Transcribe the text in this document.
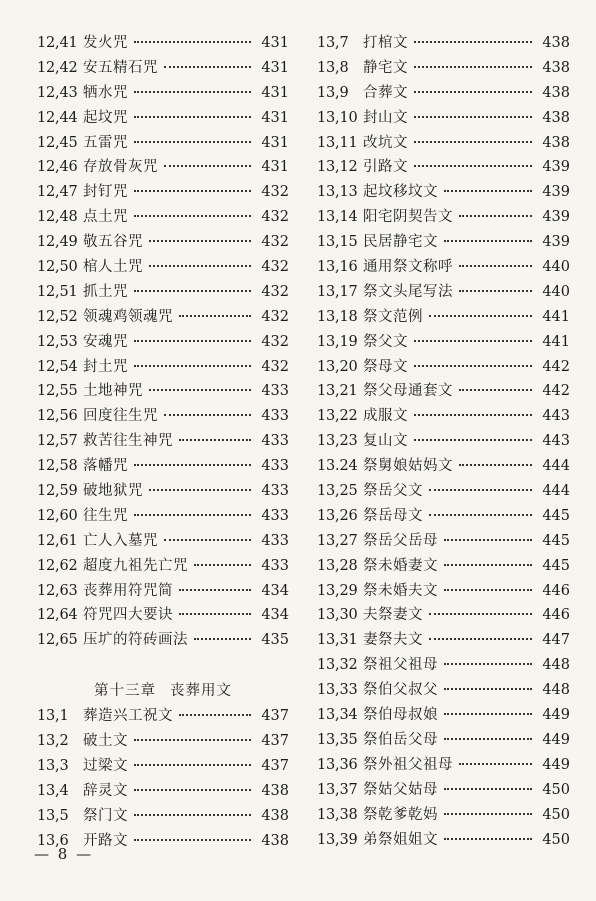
12,41 发火咒	431
12,42 安五精石咒	431
12,43 牺水咒	431
12,44 起坟咒	431
12,45 五雷咒	431
12,46 存放骨灰咒	431
12,47 封钉咒	432
12,48 点土咒	432
12,49 敬五谷咒	432
12,50 棺人土咒	432
12,51 抓土咒	432
12,52 领魂鸡领魂咒	432
12,53 安魂咒	432
12,54 封土咒	432
12,55 土地神咒	433
12,56 回度往生咒	433
12,57 救苦往生神咒	433
12,58 落幡咒	433
12,59 破地狱咒	433
12,60 往生咒	433
12,61 亡人入墓咒	433
12,62 超度九祖先亡咒	433
12,63 丧葬用符咒简	434
12,64 符咒四大要诀	434
12,65 压圹的符砖画法	435
第十三章 丧葬用文
13,1	葬造兴工祝文	437
13,2	破土文	437
13,3	过梁文	437
13,4	辞灵文	438
13,5	祭门文	438
13,6	开路文	438
13,7	打棺文	438
13,8	静宅文	438
13,9	合葬文	438
13,10 封山文	438
13,11 改坑文	438
13,12 引路文	439
13,13 起坟移坟文	439
13,14 阳宅阴契告文	439
13,15 民居静宅文	439
13,16 通用祭文称呼	440
13,17 祭文头尾写法	440
13,18 祭文范例	441
13,19 祭父文	441
13,20 祭母文	442
13,21 祭父母通套文	442
13,22 成服文	443
13,23 复山文	443
13.24 祭舅娘姑妈文	444
13,25 祭岳父文	444
13,26 祭岳母文	445
13,27 祭岳父岳母	445
13,28 祭未婚妻文	445
13,29 祭未婚夫文	446
13,30 夫祭妻文	446
13,31 妻祭夫文	447
13,32 祭祖父祖母	448
13,33 祭伯父叔父	448
13,34 祭伯母叔娘	449
13,35 祭伯岳父母	449
13,36 祭外祖父祖母	449
13,37 祭姑父姑母	450
13,38 祭乾爹乾妈	450
13,39 弟祭姐姐文	450
— 8 —
